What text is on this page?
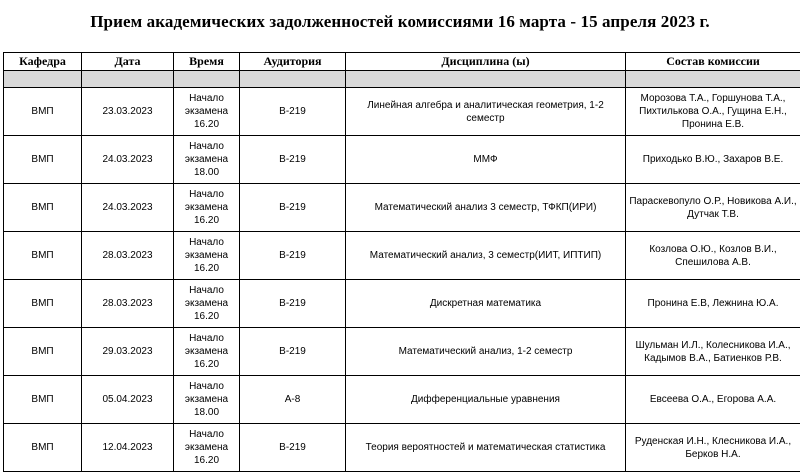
Прием академических задолженностей комиссиями 16 марта - 15 апреля 2023 г.
Кафедра	Дата	Время	Аудитория	Дисциплина (ы)	Состав комиссии

ВМП	23.03.2023	Начало экзамена 16.20	В-219	Линейная алгебра и аналитическая геометрия, 1-2 семестр	Морозова Т.А., Горшунова Т.А., Пихтилькова О.А., Гущина Е.Н., Пронина Е.В.
ВМП	24.03.2023	Начало экзамена 18.00	В-219	ММФ	Приходько В.Ю., Захаров В.Е.
ВМП	24.03.2023	Начало экзамена 16.20	В-219	Математический анализ 3 семестр, ТФКП(ИРИ)	Параскевопуло О.Р., Новикова А.И., Дутчак Т.В.
ВМП	28.03.2023	Начало экзамена 16.20	В-219	Математический анализ, 3 семестр(ИИТ, ИПТИП)	Козлова О.Ю., Козлов В.И., Спешилова А.В.
ВМП	28.03.2023	Начало экзамена 16.20	В-219	Дискретная математика	Пронина Е.В, Лежнина Ю.А.
ВМП	29.03.2023	Начало экзамена 16.20	В-219	Математический анализ, 1-2 семестр	Шульман И.Л., Колесникова И.А., Кадымов В.А., Батиенков Р.В.
ВМП	05.04.2023	Начало экзамена 18.00	А-8	Дифференциальные уравнения	Евсеева О.А., Егорова А.А.
ВМП	12.04.2023	Начало экзамена 16.20	В-219	Теория вероятностей и математическая статистика	Руденская И.Н., Клесникова И.А., Берков Н.А.
